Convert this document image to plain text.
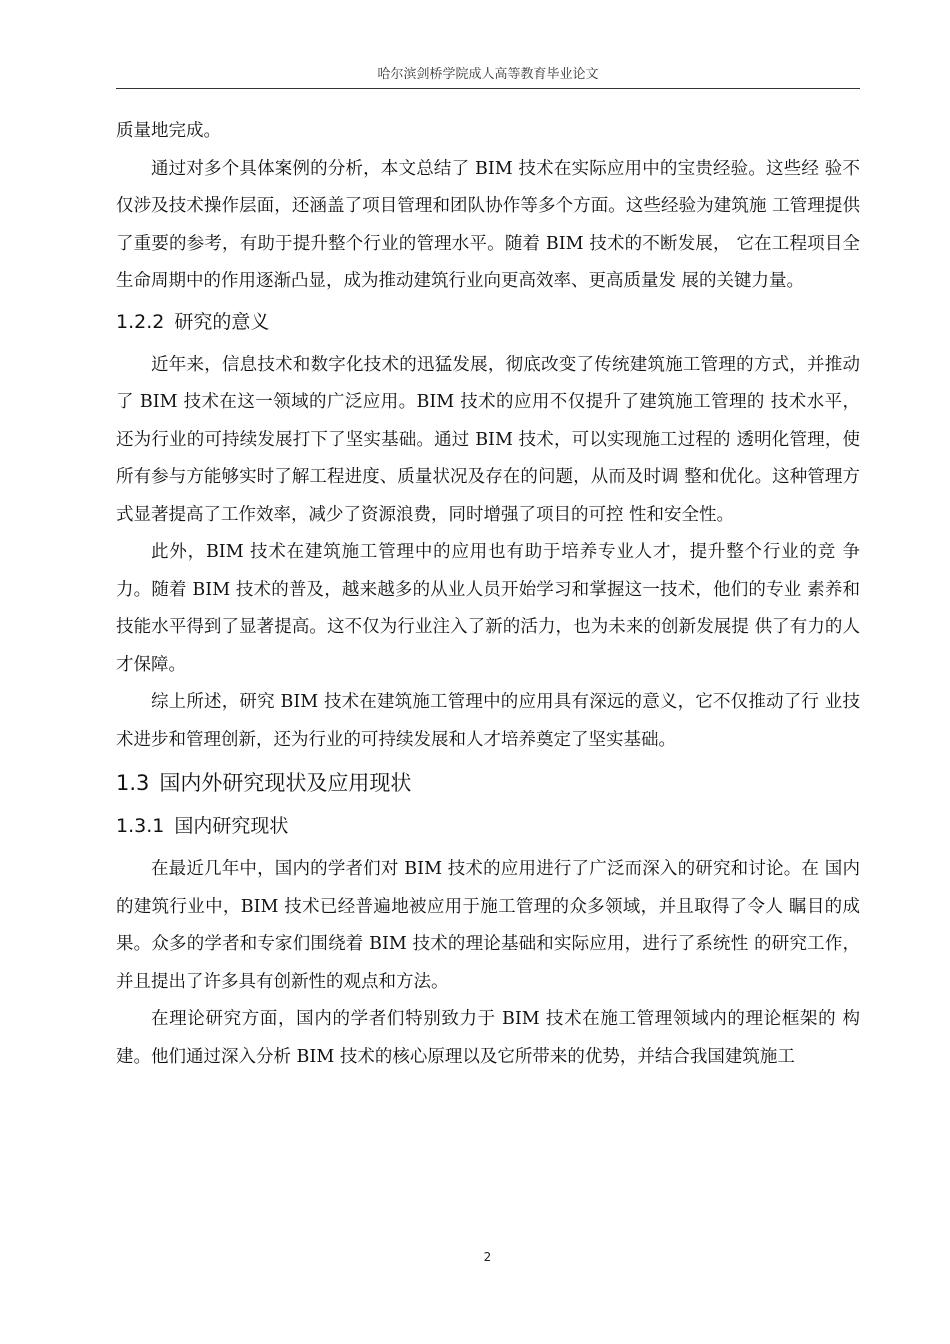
哈尔滨剑桥学院成人高等教育毕业论文

质量地完成。

通过对多个具体案例的分析，本文总结了 BIM 技术在实际应用中的宝贵经验。这些经 验不仅涉及技术操作层面，还涵盖了项目管理和团队协作等多个方面。这些经验为建筑施 工管理提供了重要的参考，有助于提升整个行业的管理水平。随着 BIM 技术的不断发展， 它在工程项目全生命周期中的作用逐渐凸显，成为推动建筑行业向更高效率、更高质量发 展的关键力量。

1.2.2 研究的意义

近年来，信息技术和数字化技术的迅猛发展，彻底改变了传统建筑施工管理的方式，并推动了 BIM 技术在这一领域的广泛应用。BIM 技术的应用不仅提升了建筑施工管理的 技术水平，还为行业的可持续发展打下了坚实基础。通过 BIM 技术，可以实现施工过程的 透明化管理，使所有参与方能够实时了解工程进度、质量状况及存在的问题，从而及时调 整和优化。这种管理方式显著提高了工作效率，减少了资源浪费，同时增强了项目的可控 性和安全性。

此外，BIM 技术在建筑施工管理中的应用也有助于培养专业人才，提升整个行业的竞 争力。随着 BIM 技术的普及，越来越多的从业人员开始学习和掌握这一技术，他们的专业 素养和技能水平得到了显著提高。这不仅为行业注入了新的活力，也为未来的创新发展提 供了有力的人才保障。

综上所述，研究 BIM 技术在建筑施工管理中的应用具有深远的意义，它不仅推动了行 业技术进步和管理创新，还为行业的可持续发展和人才培养奠定了坚实基础。

1.3 国内外研究现状及应用现状
1.3.1 国内研究现状

在最近几年中，国内的学者们对 BIM 技术的应用进行了广泛而深入的研究和讨论。在 国内的建筑行业中，BIM 技术已经普遍地被应用于施工管理的众多领域，并且取得了令人 瞩目的成果。众多的学者和专家们围绕着 BIM 技术的理论基础和实际应用，进行了系统性 的研究工作，并且提出了许多具有创新性的观点和方法。

在理论研究方面，国内的学者们特别致力于 BIM 技术在施工管理领域内的理论框架的 构建。他们通过深入分析 BIM 技术的核心原理以及它所带来的优势，并结合我国建筑施工

2
